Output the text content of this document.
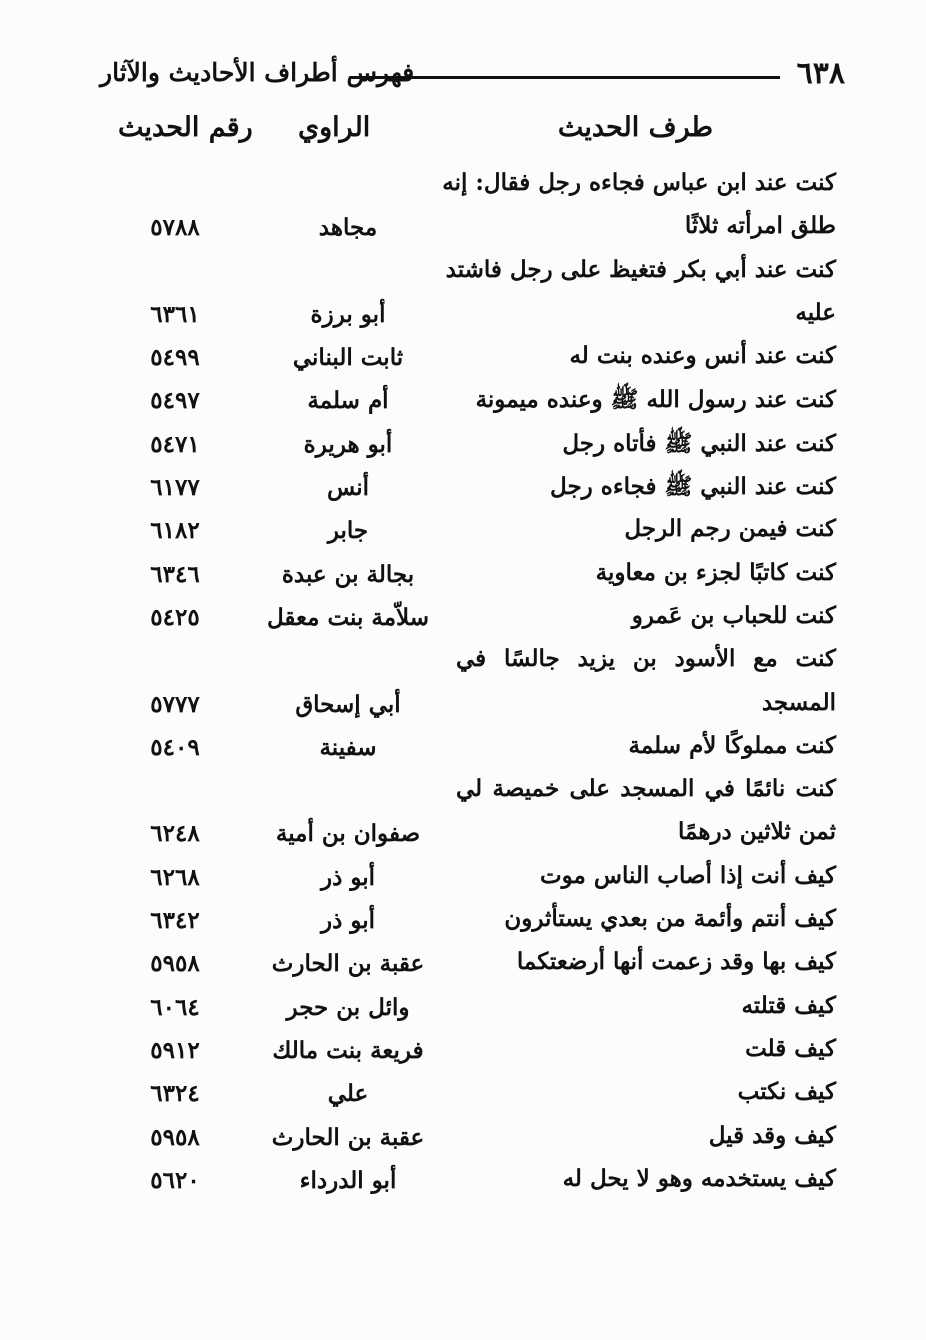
٦٣٨
فهرس أطراف الأحاديث والآثار
طرف الحديث
الراوي
رقم الحديث
كنت عند ابن عباس فجاءه رجل فقال: إنه
طلق امرأته ثلاثًا
مجاهد
٥٧٨٨
كنت عند أبي بكر فتغيظ على رجل فاشتد
عليه
أبو برزة
٦٣٦١
كنت عند أنس وعنده بنت له
ثابت البناني
٥٤٩٩
كنت عند رسول الله ﷺ وعنده ميمونة
أم سلمة
٥٤٩٧
كنت عند النبي ﷺ فأتاه رجل
أبو هريرة
٥٤٧١
كنت عند النبي ﷺ فجاءه رجل
أنس
٦١٧٧
كنت فيمن رجم الرجل
جابر
٦١٨٢
كنت كاتبًا لجزء بن معاوية
بجالة بن عبدة
٦٣٤٦
كنت للحباب بن عَمرو
سلاّمة بنت معقل
٥٤٢٥
كنت مع الأسود بن يزيد جالسًا في
المسجد
أبي إسحاق
٥٧٧٧
كنت مملوكًا لأم سلمة
سفينة
٥٤٠٩
كنت نائمًا في المسجد على خميصة لي
ثمن ثلاثين درهمًا
صفوان بن أمية
٦٢٤٨
كيف أنت إذا أصاب الناس موت
أبو ذر
٦٢٦٨
كيف أنتم وأئمة من بعدي يستأثرون
أبو ذر
٦٣٤٢
كيف بها وقد زعمت أنها أرضعتكما
عقبة بن الحارث
٥٩٥٨
كيف قتلته
وائل بن حجر
٦٠٦٤
كيف قلت
فريعة بنت مالك
٥٩١٢
كيف نكتب
علي
٦٣٢٤
كيف وقد قيل
عقبة بن الحارث
٥٩٥٨
كيف يستخدمه وهو لا يحل له
أبو الدرداء
٥٦٢٠
